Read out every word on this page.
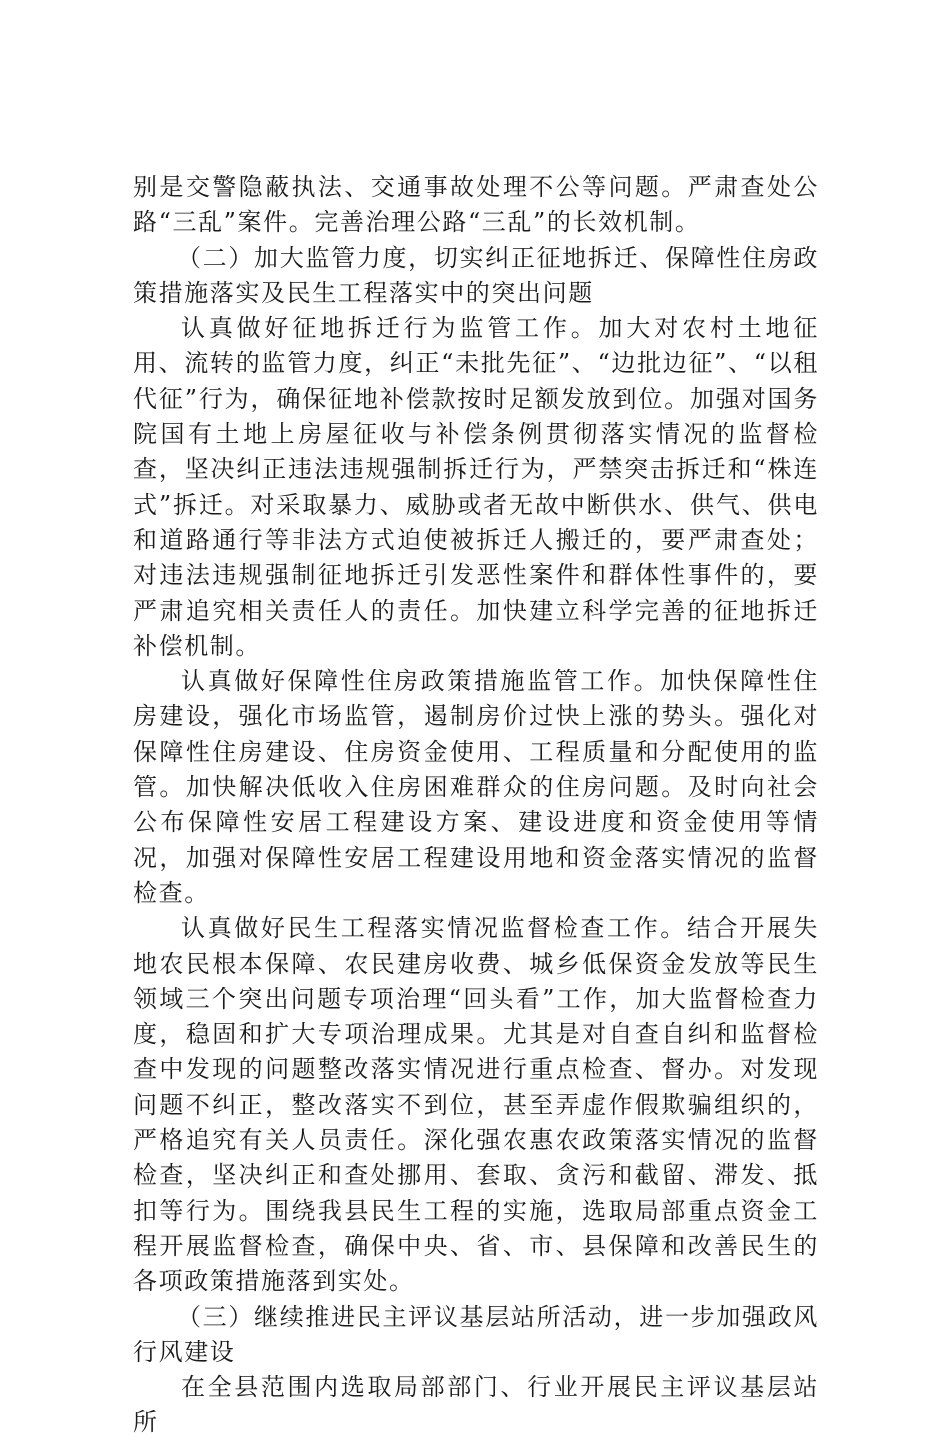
别是交警隐蔽执法、交通事故处理不公等问题。严肃查处公路“三乱”案件。完善治理公路“三乱”的长效机制。

（二）加大监管力度，切实纠正征地拆迁、保障性住房政策措施落实及民生工程落实中的突出问题

认真做好征地拆迁行为监管工作。加大对农村土地征用、流转的监管力度，纠正“未批先征”、“边批边征”、“以租代征”行为，确保征地补偿款按时足额发放到位。加强对国务院国有土地上房屋征收与补偿条例贯彻落实情况的监督检查，坚决纠正违法违规强制拆迁行为，严禁突击拆迁和“株连式”拆迁。对采取暴力、威胁或者无故中断供水、供气、供电和道路通行等非法方式迫使被拆迁人搬迁的，要严肃查处；对违法违规强制征地拆迁引发恶性案件和群体性事件的，要严肃追究相关责任人的责任。加快建立科学完善的征地拆迁补偿机制。

认真做好保障性住房政策措施监管工作。加快保障性住房建设，强化市场监管，遏制房价过快上涨的势头。强化对保障性住房建设、住房资金使用、工程质量和分配使用的监管。加快解决低收入住房困难群众的住房问题。及时向社会公布保障性安居工程建设方案、建设进度和资金使用等情况，加强对保障性安居工程建设用地和资金落实情况的监督检查。

认真做好民生工程落实情况监督检查工作。结合开展失地农民根本保障、农民建房收费、城乡低保资金发放等民生领域三个突出问题专项治理“回头看”工作，加大监督检查力度，稳固和扩大专项治理成果。尤其是对自查自纠和监督检查中发现的问题整改落实情况进行重点检查、督办。对发现问题不纠正，整改落实不到位，甚至弄虚作假欺骗组织的，严格追究有关人员责任。深化强农惠农政策落实情况的监督检查，坚决纠正和查处挪用、套取、贪污和截留、滞发、抵扣等行为。围绕我县民生工程的实施，选取局部重点资金工程开展监督检查，确保中央、省、市、县保障和改善民生的各项政策措施落到实处。

（三）继续推进民主评议基层站所活动，进一步加强政风行风建设

在全县范围内选取局部部门、行业开展民主评议基层站所
